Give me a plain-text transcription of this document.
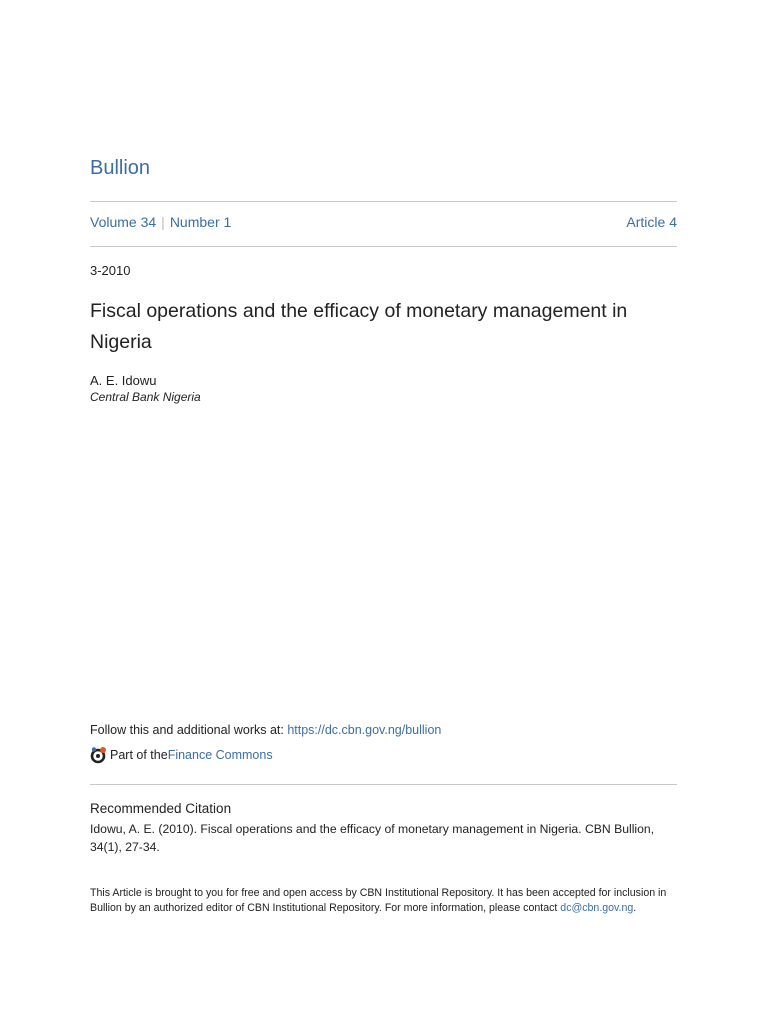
Bullion
Volume 34 | Number 1	Article 4
3-2010
Fiscal operations and the efficacy of monetary management in Nigeria
A. E. Idowu
Central Bank Nigeria
Follow this and additional works at: https://dc.cbn.gov.ng/bullion
Part of the Finance Commons
Recommended Citation
Idowu, A. E. (2010). Fiscal operations and the efficacy of monetary management in Nigeria. CBN Bullion, 34(1), 27-34.
This Article is brought to you for free and open access by CBN Institutional Repository. It has been accepted for inclusion in Bullion by an authorized editor of CBN Institutional Repository. For more information, please contact dc@cbn.gov.ng.
